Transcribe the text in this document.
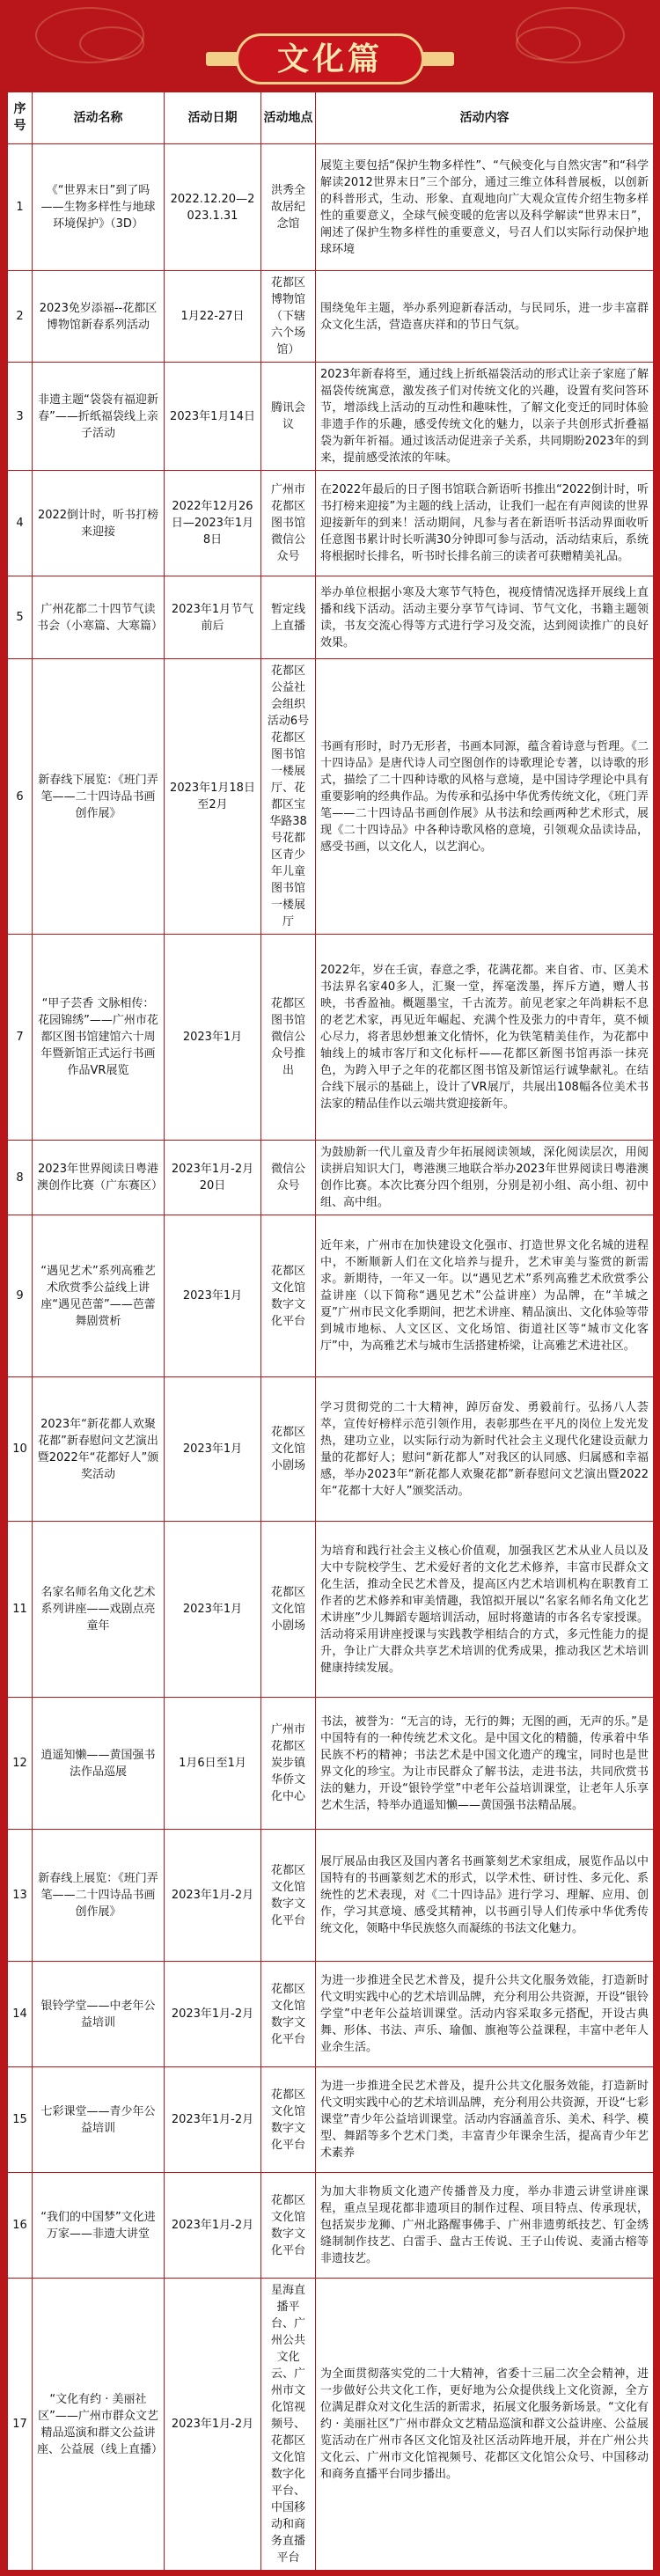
文化篇
序号	活动名称	活动日期	活动地点	活动内容
1	《“世界末日”到了吗——生物多样性与地球环境保护》（3D）	2022.12.20—2023.1.31	洪秀全故居纪念馆	展览主要包括“保护生物多样性”、“气候变化与自然灾害”和“科学解读2012世界末日”三个部分，通过三维立体科普展板，以创新的科普形式，生动、形象、直观地向广大观众宣传介绍生物多样性的重要意义，全球气候变暖的危害以及科学解读“世界末日”，阐述了保护生物多样性的重要意义，号召人们以实际行动保护地球环境
2	2023免岁添福--花都区博物馆新春系列活动	1月22-27日	花都区博物馆（下辖六个场馆）	围绕兔年主题，举办系列迎新春活动，与民同乐，进一步丰富群众文化生活，营造喜庆祥和的节日气氛。
3	非遗主题“袋袋有福迎新春”——折纸福袋线上亲子活动	2023年1月14日	腾讯会议	2023年新春将至，通过线上折纸福袋活动的形式让亲子家庭了解福袋传统寓意，激发孩子们对传统文化的兴趣，设置有奖问答环节，增添线上活动的互动性和趣味性，了解文化变迁的同时体验非遗手作的乐趣，感受传统文化的魅力，以亲子共创形式折叠福袋为新年祈福。通过该活动促进亲子关系，共同期盼2023年的到来，提前感受浓浓的年味。
4	2022倒计时，听书打榜来迎接	2022年12月26日—2023年1月8日	广州市花都区图书馆微信公众号	在2022年最后的日子图书馆联合新语听书推出“2022倒计时，听书打榜来迎接”为主题的线上活动，让我们一起在有声阅读的世界迎接新年的到来！活动期间，凡参与者在新语听书活动界面收听任意图书累计时长听满30分钟即可参与活动，活动结束后，系统将根据时长排名，听书时长排名前三的读者可获赠精美礼品。
5	广州花都二十四节气读书会（小寒篇、大寒篇）	2023年1月节气前后	暂定线上直播	举办单位根据小寒及大寒节气特色，视疫情情况选择开展线上直播和线下活动。活动主要分享节气诗词、节气文化，书籍主题领读，书友交流心得等方式进行学习及交流，达到阅读推广的良好效果。
6	新春线下展览：《班门弄笔——二十四诗品书画创作展》	2023年1月18日至2月	花都区公益社会组织活动6号花都区图书馆一楼展厅、花都区宝华路38号花都区青少年儿童图书馆一楼展厅	书画有形时，时乃无形者，书画本同源，蕴含着诗意与哲理。《二十四诗品》是唐代诗人司空图创作的诗歌理论专著，以诗歌的形式，描绘了二十四种诗歌的风格与意境，是中国诗学理论中具有重要影响的经典作品。为传承和弘扬中华优秀传统文化，《班门弄笔——二十四诗品书画创作展》从书法和绘画两种艺术形式，展现《二十四诗品》中各种诗歌风格的意境，引领观众品读诗品，感受书画，以文化人，以艺润心。
7	“甲子芸香 文脉相传：花园锦绣”——广州市花都区图书馆建馆六十周年暨新馆正式运行书画作品VR展览	2023年1月	花都区图书馆微信公众号推出	2022年，岁在壬寅，春意之季，花满花都。来自省、市、区美术书法界名家40多人，汇聚一堂，挥毫泼墨，挥斥方遒，赠人书映，书香盈袖。概题墨宝，千古流芳。前见老家之年尚耕耘不息的老艺术家，再见近年崛起、充满个性及张力的中青年，莫不倾心尽力，将者思妙想兼文化情怀，化为铁笔精美佳作，为花都中轴线上的城市客厅和文化标杆——花都区新图书馆再添一抹亮色，为跨入甲子之年的花都区图书馆及新馆运行诚挚献礼。在结合线下展示的基础上，设计了VR展厅，共展出108幅各位美术书法家的精品佳作以云端共赏迎接新年。
8	2023年世界阅读日粤港澳创作比赛（广东赛区）	2023年1月-2月20日	微信公众号	为鼓励新一代儿童及青少年拓展阅读领域，深化阅读层次，用阅读拼启知识大门，粤港澳三地联合举办2023年世界阅读日粤港澳创作比赛。本次比赛分四个组别，分别是初小组、高小组、初中组、高中组。
9	“遇见艺术”系列高雅艺术欣赏季公益线上讲座“遇见芭蕾”——芭蕾舞剧赏析	2023年1月	花都区文化馆数字文化平台	近年来，广州市在加快建设文化强市、打造世界文化名城的进程中，不断顺新人们在文化培养与提升，艺术审美与鉴赏的新需求。新期待，一年又一年。以“遇见艺术”系列高雅艺术欣赏季公益讲座（以下简称“遇见艺术”公益讲座）为品牌，在“羊城之夏”广州市民文化季期间，把艺术讲座、精品演出、文化体验等带到城市地标、人文区区、文化场馆、街道社区等“城市文化客厅”中，为高雅艺术与城市生活搭建桥梁，让高雅艺术进社区。
10	2023年“新花都人欢聚花都”新春慰问文艺演出暨2022年“花都好人”颁奖活动	2023年1月	花都区文化馆小剧场	学习贯彻党的二十大精神，踔厉奋发、勇毅前行。弘扬八人荟萃，宣传好榜样示范引领作用，表彰那些在平凡的岗位上发光发热，建功立业，以实际行动为新时代社会主义现代化建设贡献力量的花都好人；慰问“新花都人”对我区的认同感、归属感和幸福感，举办2023年“新花都人欢聚花都”新春慰问文艺演出暨2022年“花都十大好人”颁奖活动。
11	名家名师名角文化艺术系列讲座——戏剧点亮童年	2023年1月	花都区文化馆小剧场	为培育和践行社会主义核心价值观，加强我区艺术从业人员以及大中专院校学生、艺术爱好者的文化艺术修养，丰富市民群众文化生活，推动全民艺术普及，提高区内艺术培训机构在职教育工作者的艺术修养和审美情趣，我馆拟开展以“名家名师名角文化艺术讲座”少儿舞蹈专题培训活动，屈时将邀请的市各名专家授课。活动将采用讲座授课与实践教学相结合的方式，多元性能力的提升，争让广大群众共享艺术培训的优秀成果，推动我区艺术培训健康持续发展。
12	逍遥知懒——黄国强书法作品巡展	1月6日至1月	广州市花都区炭步镇华侨文化中心	书法，被誉为：“无言的诗，无行的舞；无图的画，无声的乐。”是中国特有的一种传统艺术文化。是中国文化的精髓，传承着中华民族不朽的精神；书法艺术是中国文化遗产的瑰宝，同时也是世界文化的珍宝。为让市民群众了解书法，走进书法，共同欣赏书法的魅力，开设“银铃学堂”中老年公益培训课堂，让老年人乐享艺术生活，特举办逍遥知懒——黄国强书法精品展。
13	新春线上展览：《班门弄笔——二十四诗品书画创作展》	2023年1月-2月	花都区文化馆数字文化平台	展厅展品由我区及国内著名书画篆刻艺术家组成，展览作品以中国特有的书画篆刻艺术的形式，以学术性、研讨性、多元化、系统性的艺术表现，对《二十四诗品》进行学习、理解、应用、创作，学习其意境、感受其精神，以书画引导人们传承中华优秀传统文化，领略中华民族悠久而凝练的书法文化魅力。
14	银铃学堂——中老年公益培训	2023年1月-2月	花都区文化馆数字文化平台	为进一步推进全民艺术普及，提升公共文化服务效能，打造新时代文明实践中心的艺术培训品牌，充分利用公共资源，开设“银铃学堂”中老年公益培训课堂。活动内容采取多元搭配，开设古典舞、形体、书法、声乐、瑜伽、旗袍等公益课程，丰富中老年人业余生活。
15	七彩课堂——青少年公益培训	2023年1月-2月	花都区文化馆数字文化平台	为进一步推进全民艺术普及，提升公共文化服务效能，打造新时代文明实践中心的艺术培训品牌，充分利用公共资源，开设“七彩课堂”青少年公益培训课堂。活动内容涵盖音乐、美术、科学、模型、舞蹈等多个艺术门类，丰富青少年课余生活，提高青少年艺术素养
16	“我们的中国梦”文化进万家——非遗大讲堂	2023年1月-2月	花都区文化馆数字文化平台	为加大非物质文化遗产传播普及力度，举办非遗云讲堂讲座课程，重点呈现花都非遗项目的制作过程、项目特点、传承现状，包括炭步龙狮、广州北路醒事佛手、广州非遗剪纸技艺、钉金绣缝制制作技艺、白雷手、盘古王传说、王子山传说、麦涌古榕等非遗技艺。
17	“文化有约 · 美丽社区”——广州市群众文艺精品巡演和群文公益讲座、公益展（线上直播）	2023年1月-2月	星海直播平台、广州公共文化云、广州市文化馆视频号、花都区文化馆数字化平台、中国移动和商务直播平台	为全面贯彻落实党的二十大精神，省委十三届二次全会精神，进一步做好公共文化工作，更好地为公众提供线上文化资源，全方位满足群众对文化生活的新需求，拓展文化服务新场景。“文化有约 · 美丽社区”广州市群众文艺精品巡演和群文公益讲座、公益展览活动在广州市各区文化馆及社区活动阵地开展，并在广州公共文化云、广州市文化馆视频号、花都区文化馆公众号、中国移动和商务直播平台同步播出。
